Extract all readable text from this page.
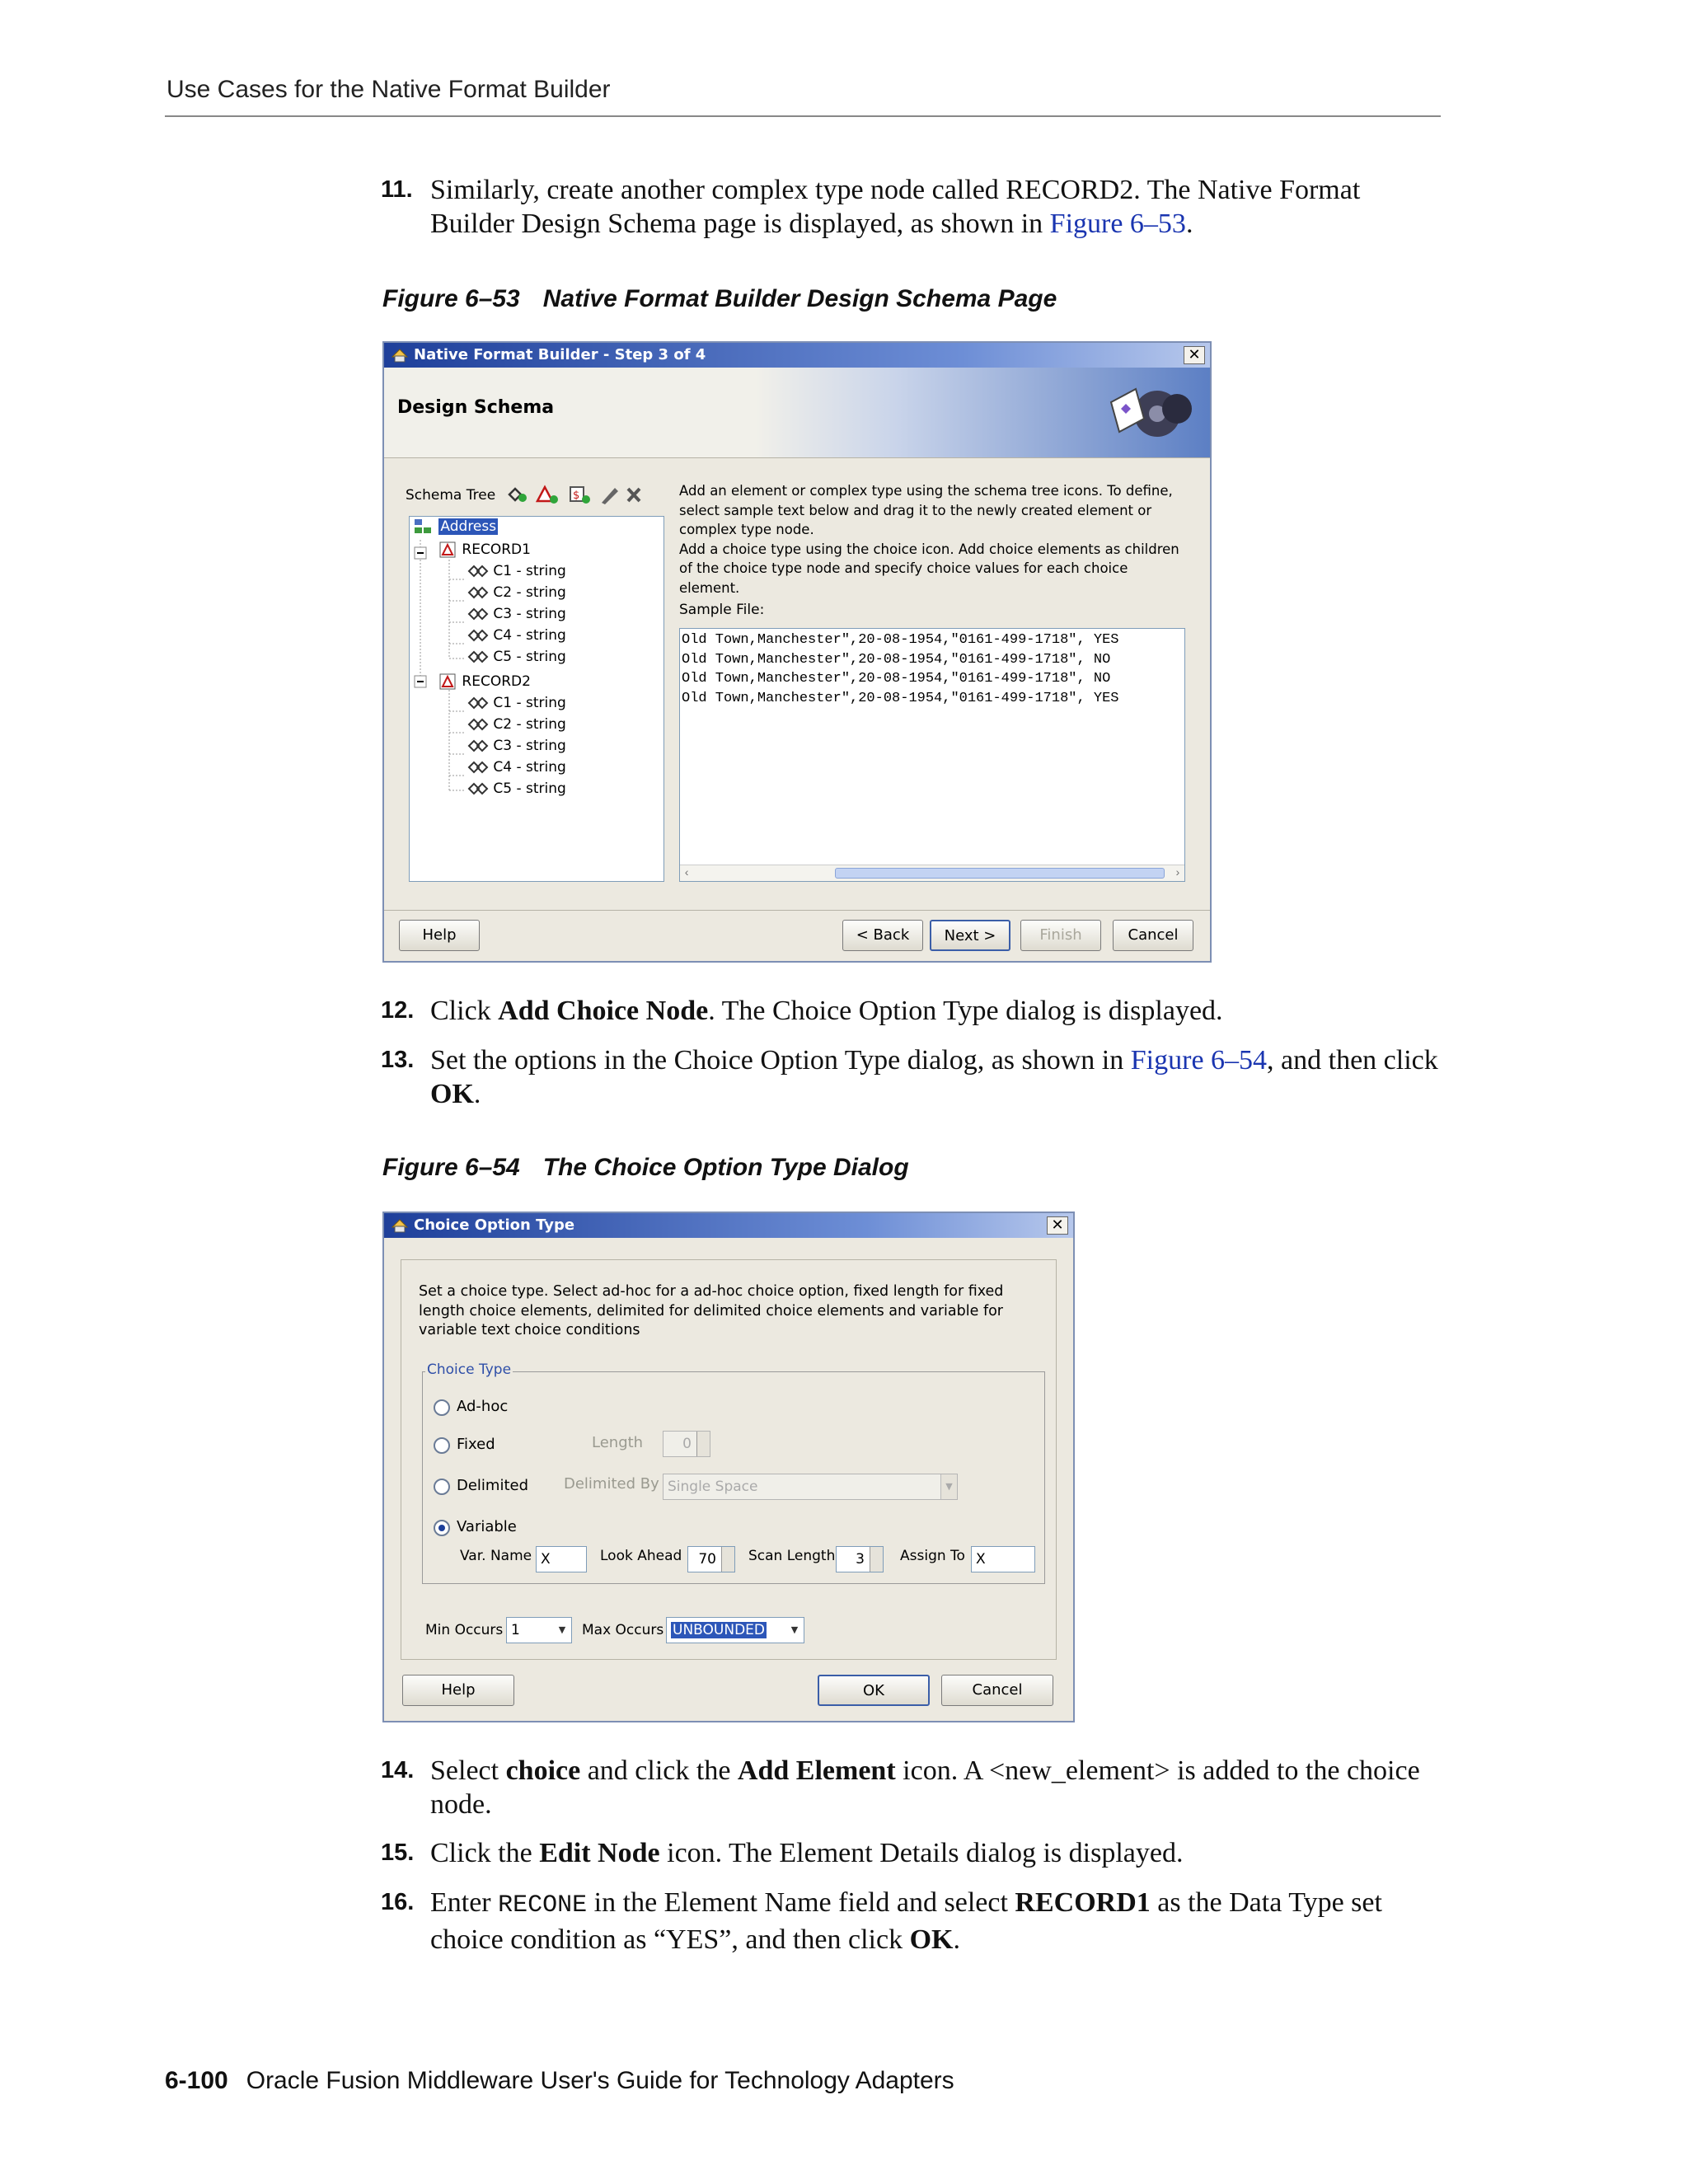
Use Cases for the Native Format Builder
11. Similarly, create another complex type node called RECORD2. The Native Format Builder Design Schema page is displayed, as shown in Figure 6–53.
Figure 6–53 Native Format Builder Design Schema Page
Native Format Builder - Step 3 of 4	✕
Design Schema
Schema Tree	$
Address
RECORD1
C1 - string
C2 - string
C3 - string
C4 - string
C5 - string
RECORD2
C1 - string
C2 - string
C3 - string
C4 - string
C5 - string
Add an element or complex type using the schema tree icons. To define, select sample text below and drag it to the newly created element or complex type node.
Add a choice type using the choice icon. Add choice elements as children of the choice type node and specify choice values for each choice element.
Sample File:
Old Town,Manchester",20-08-1954,"0161-499-1718", YES
Old Town,Manchester",20-08-1954,"0161-499-1718", NO
Old Town,Manchester",20-08-1954,"0161-499-1718", NO
Old Town,Manchester",20-08-1954,"0161-499-1718", YES
‹	›
Help	< Back	Next >	Finish	Cancel
12. Click Add Choice Node. The Choice Option Type dialog is displayed.
13. Set the options in the Choice Option Type dialog, as shown in Figure 6–54, and then click OK.
Figure 6–54 The Choice Option Type Dialog
Choice Option Type	✕
Set a choice type. Select ad-hoc for a ad-hoc choice option, fixed length for fixed length choice elements, delimited for delimited choice elements and variable for variable text choice conditions
Choice Type
Ad-hoc
Fixed	Length	0
Delimited Delimited By Single Space	▼
Variable
Var. Name X	Look Ahead	70	Scan Length	3	Assign To X
Min Occurs 1	▼ Max Occurs UNBOUNDED	▼
Help	OK	Cancel
14. Select choice and click the Add Element icon. A <new_element> is added to the choice node.
15. Click the Edit Node icon. The Element Details dialog is displayed.
16. Enter RECONE in the Element Name field and select RECORD1 as the Data Type set choice condition as “YES”, and then click OK.
6-100 Oracle Fusion Middleware User's Guide for Technology Adapters
